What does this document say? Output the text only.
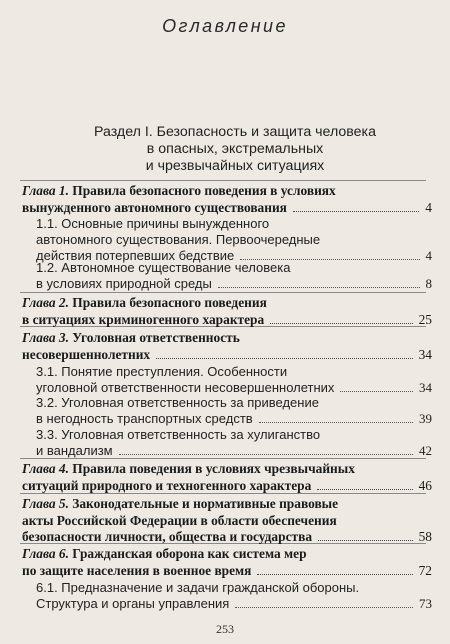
Оглавление
Раздел I. Безопасность и защита человека
в опасных, экстремальных
и чрезвычайных ситуациях
Глава 1.
Правила безопасного поведения в условиях
вынужденного автономного существования	4
1.1. Основные причины вынужденного
автономного существования. Первоочередные
действия потерпевших бедствие	4
1.2. Автономное существование человека
в условиях природной среды	8
Глава 2.
Правила безопасного поведения
в ситуациях криминогенного характера	25
Глава 3.
Уголовная ответственность
несовершеннолетних	34
3.1. Понятие преступления. Особенности
уголовной ответственности несовершеннолетних	34
3.2. Уголовная ответственность за приведение
в негодность транспортных средств	39
3.3. Уголовная ответственность за хулиганство
и вандализм	42
Глава 4.
Правила поведения в условиях чрезвычайных
ситуаций природного и техногенного характера	46
Глава 5.
Законодательные и нормативные правовые
акты Российской Федерации в области обеспечения
безопасности личности, общества и государства	58
Глава 6.
Гражданская оборона как система мер
по защите населения в военное время	72
6.1. Предназначение и задачи гражданской обороны.
Структура и органы управления	73
253
